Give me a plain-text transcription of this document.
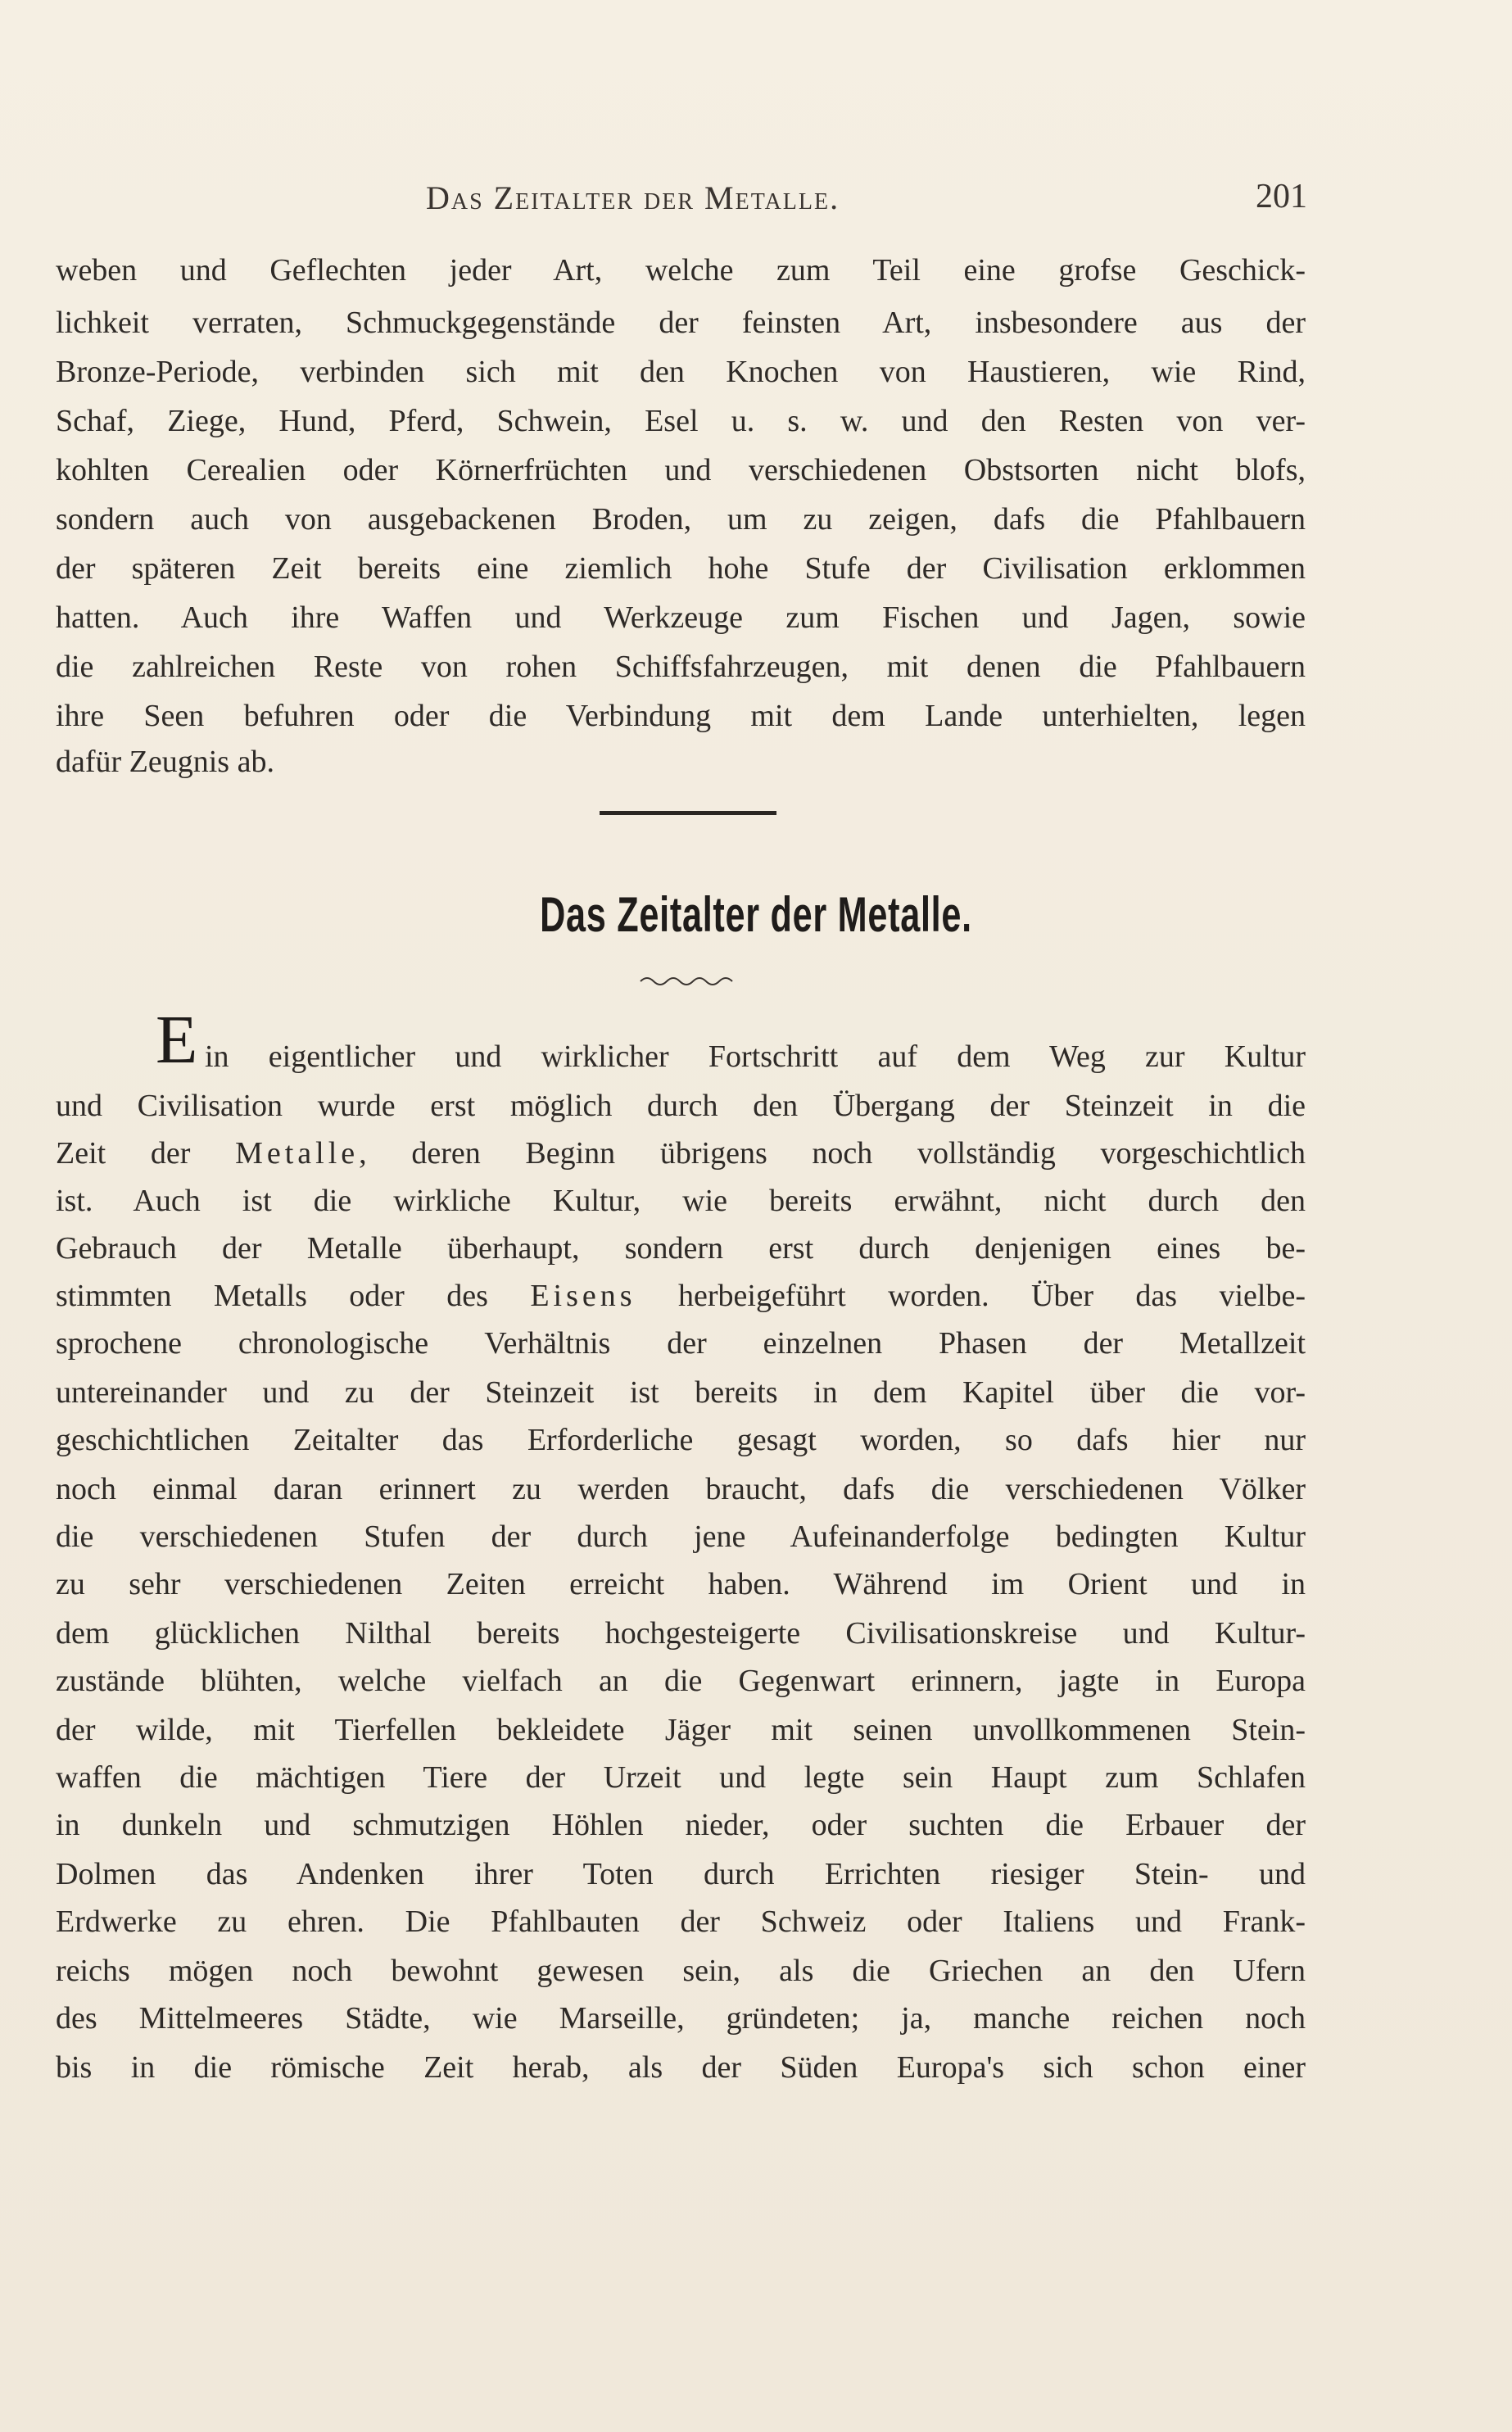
Das Zeitalter der Metalle.	201
weben und Geflechten jeder Art, welche zum Teil eine grofse Geschick-
lichkeit verraten, Schmuckgegenstände der feinsten Art, insbesondere aus der
Bronze-Periode, verbinden sich mit den Knochen von Haustieren, wie Rind,
Schaf, Ziege, Hund, Pferd, Schwein, Esel u. s. w. und den Resten von ver-
kohlten Cerealien oder Körnerfrüchten und verschiedenen Obstsorten nicht blofs,
sondern auch von ausgebackenen Broden, um zu zeigen, dafs die Pfahlbauern
der späteren Zeit bereits eine ziemlich hohe Stufe der Civilisation erklommen
hatten. Auch ihre Waffen und Werkzeuge zum Fischen und Jagen, sowie
die zahlreichen Reste von rohen Schiffsfahrzeugen, mit denen die Pfahlbauern
ihre Seen befuhren oder die Verbindung mit dem Lande unterhielten, legen
dafür Zeugnis ab.
Das Zeitalter der Metalle.
E in eigentlicher und wirklicher Fortschritt auf dem Weg zur Kultur
und Civilisation wurde erst möglich durch den Übergang der Steinzeit in die
Zeit der Metalle, deren Beginn übrigens noch vollständig vorgeschichtlich
ist. Auch ist die wirkliche Kultur, wie bereits erwähnt, nicht durch den
Gebrauch der Metalle überhaupt, sondern erst durch denjenigen eines be-
stimmten Metalls oder des Eisens herbeigeführt worden. Über das vielbe-
sprochene chronologische Verhältnis der einzelnen Phasen der Metallzeit
untereinander und zu der Steinzeit ist bereits in dem Kapitel über die vor-
geschichtlichen Zeitalter das Erforderliche gesagt worden, so dafs hier nur
noch einmal daran erinnert zu werden braucht, dafs die verschiedenen Völker
die verschiedenen Stufen der durch jene Aufeinanderfolge bedingten Kultur
zu sehr verschiedenen Zeiten erreicht haben. Während im Orient und in
dem glücklichen Nilthal bereits hochgesteigerte Civilisationskreise und Kultur-
zustände blühten, welche vielfach an die Gegenwart erinnern, jagte in Europa
der wilde, mit Tierfellen bekleidete Jäger mit seinen unvollkommenen Stein-
waffen die mächtigen Tiere der Urzeit und legte sein Haupt zum Schlafen
in dunkeln und schmutzigen Höhlen nieder, oder suchten die Erbauer der
Dolmen das Andenken ihrer Toten durch Errichten riesiger Stein- und
Erdwerke zu ehren. Die Pfahlbauten der Schweiz oder Italiens und Frank-
reichs mögen noch bewohnt gewesen sein, als die Griechen an den Ufern
des Mittelmeeres Städte, wie Marseille, gründeten; ja, manche reichen noch
bis in die römische Zeit herab, als der Süden Europa's sich schon einer
